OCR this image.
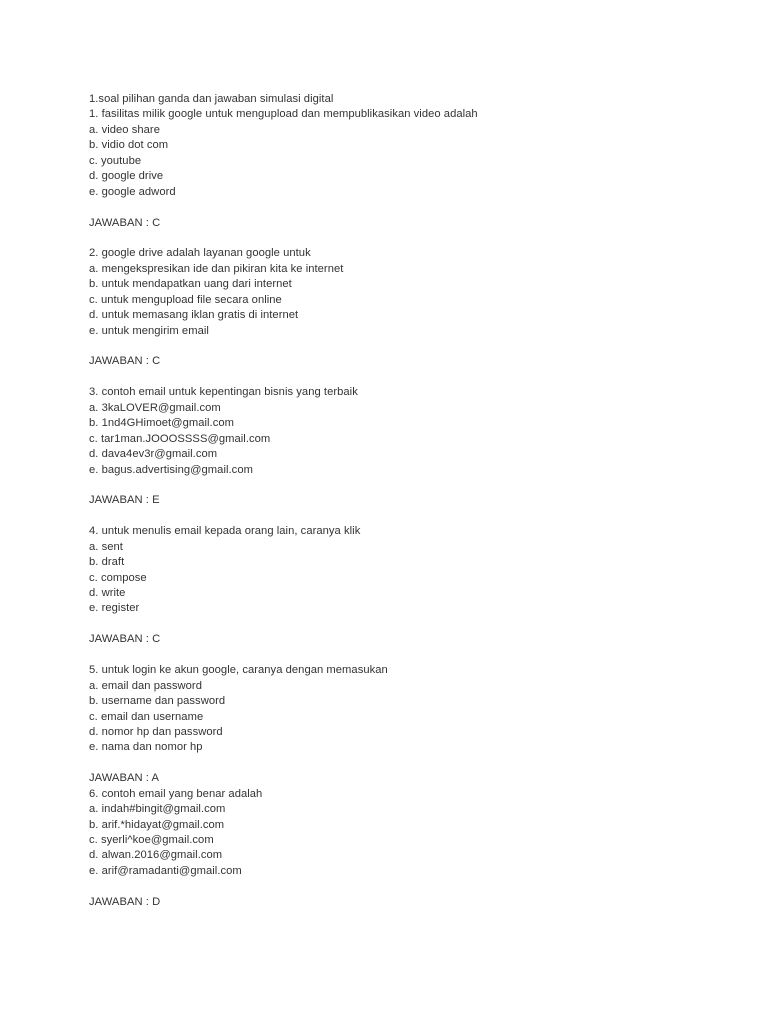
1.soal pilihan ganda dan jawaban simulasi digital
1. fasilitas milik google untuk mengupload dan mempublikasikan video adalah
a. video share
b. vidio dot com
c. youtube
d. google drive
e. google adword
JAWABAN : C
2. google drive adalah layanan google untuk
a. mengekspresikan ide dan pikiran kita ke internet
b. untuk mendapatkan uang dari internet
c. untuk mengupload file secara online
d. untuk memasang iklan gratis di internet
e. untuk mengirim email
JAWABAN : C
3. contoh email untuk kepentingan bisnis yang terbaik
a. 3kaLOVER@gmail.com
b. 1nd4GHimoet@gmail.com
c. tar1man.JOOOSSSS@gmail.com
d. dava4ev3r@gmail.com
e. bagus.advertising@gmail.com
JAWABAN : E
4. untuk menulis email kepada orang lain, caranya klik
a. sent
b. draft
c. compose
d. write
e. register
JAWABAN : C
5. untuk login ke akun google, caranya dengan memasukan
a. email dan password
b. username dan password
c. email dan username
d. nomor hp dan password
e. nama dan nomor hp
JAWABAN : A
6. contoh email yang benar adalah
a. indah#bingit@gmail.com
b. arif.*hidayat@gmail.com
c. syerli^koe@gmail.com
d. alwan.2016@gmail.com
e. arif@ramadanti@gmail.com
JAWABAN : D
